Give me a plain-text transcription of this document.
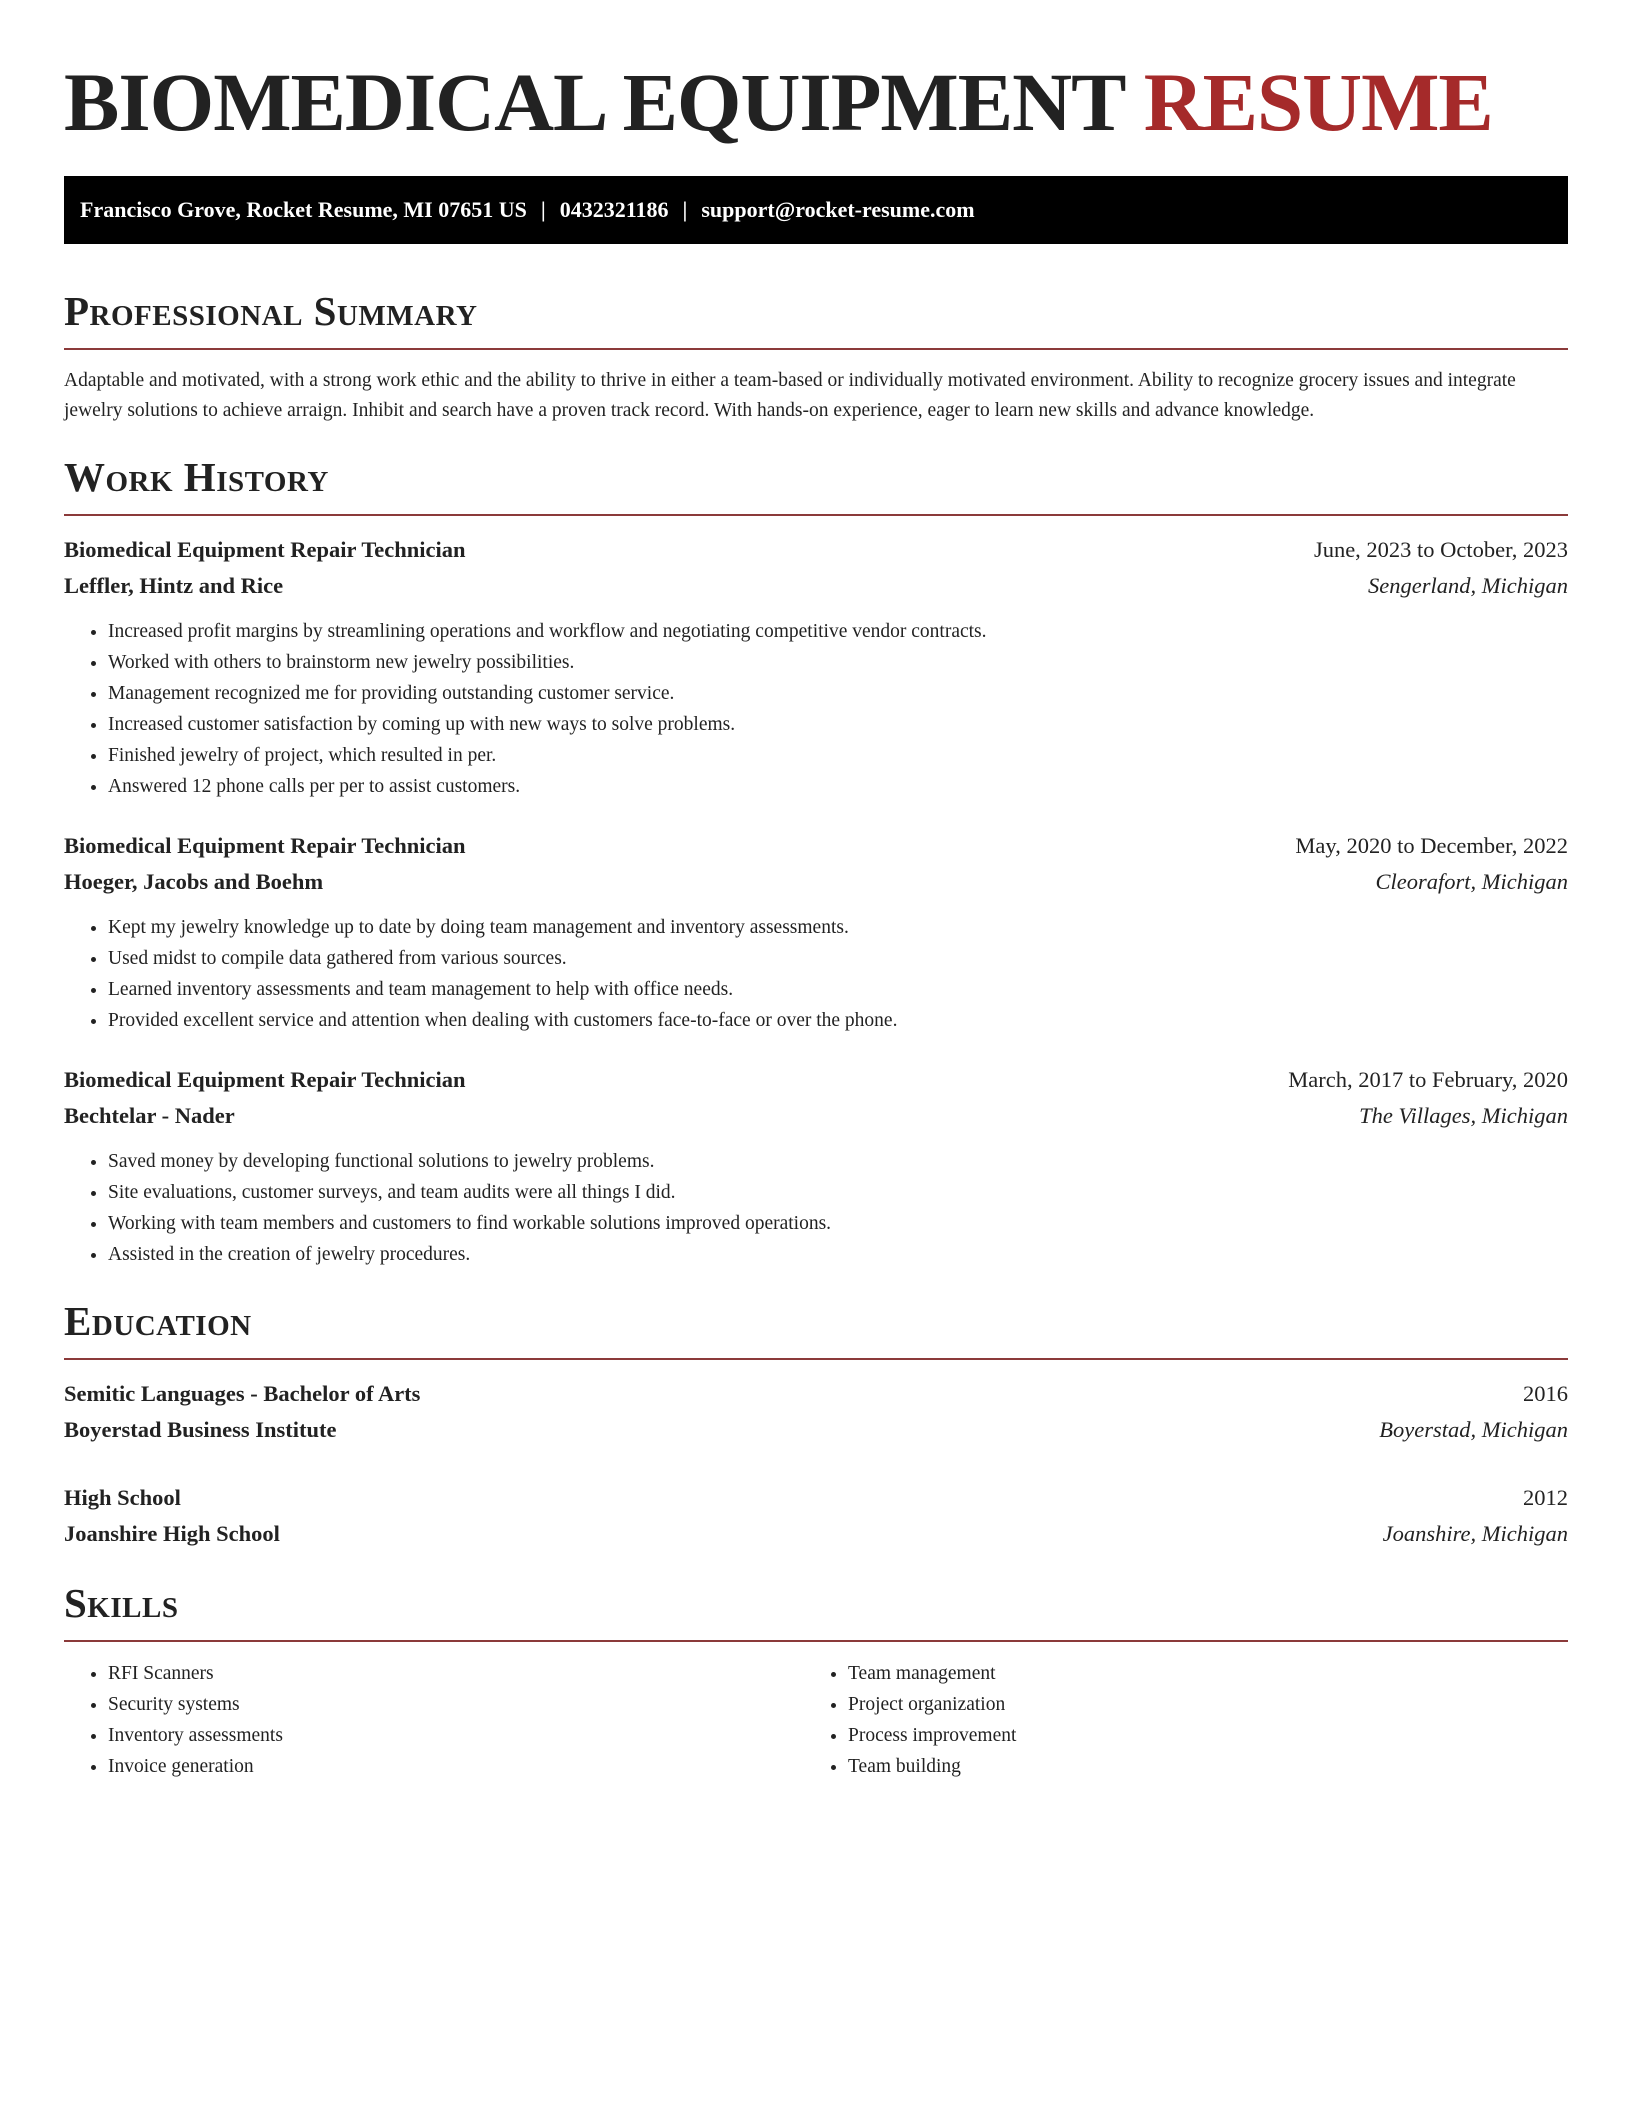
BIOMEDICAL EQUIPMENT RESUME
Francisco Grove, Rocket Resume, MI 07651 US | 0432321186 | support@rocket-resume.com
Professional Summary

Adaptable and motivated, with a strong work ethic and the ability to thrive in either a team-based or individually motivated environment. Ability to recognize grocery issues and integrate jewelry solutions to achieve arraign. Inhibit and search have a proven track record. With hands-on experience, eager to learn new skills and advance knowledge.

Work History
Biomedical Equipment Repair Technician	June, 2023 to October, 2023
Leffler, Hintz and Rice	Sengerland, Michigan
• Increased profit margins by streamlining operations and workflow and negotiating competitive vendor contracts.
• Worked with others to brainstorm new jewelry possibilities.
• Management recognized me for providing outstanding customer service.
• Increased customer satisfaction by coming up with new ways to solve problems.
• Finished jewelry of project, which resulted in per.
• Answered 12 phone calls per per to assist customers.
Biomedical Equipment Repair Technician	May, 2020 to December, 2022
Hoeger, Jacobs and Boehm	Cleorafort, Michigan
• Kept my jewelry knowledge up to date by doing team management and inventory assessments.
• Used midst to compile data gathered from various sources.
• Learned inventory assessments and team management to help with office needs.
• Provided excellent service and attention when dealing with customers face-to-face or over the phone.
Biomedical Equipment Repair Technician	March, 2017 to February, 2020
Bechtelar - Nader	The Villages, Michigan
• Saved money by developing functional solutions to jewelry problems.
• Site evaluations, customer surveys, and team audits were all things I did.
• Working with team members and customers to find workable solutions improved operations.
• Assisted in the creation of jewelry procedures.
Education
Semitic Languages - Bachelor of Arts	2016
Boyerstad Business Institute	Boyerstad, Michigan
High School	2012
Joanshire High School	Joanshire, Michigan
Skills
• RFI Scanners
• Security systems
• Inventory assessments
• Invoice generation
• Team management
• Project organization
• Process improvement
• Team building
